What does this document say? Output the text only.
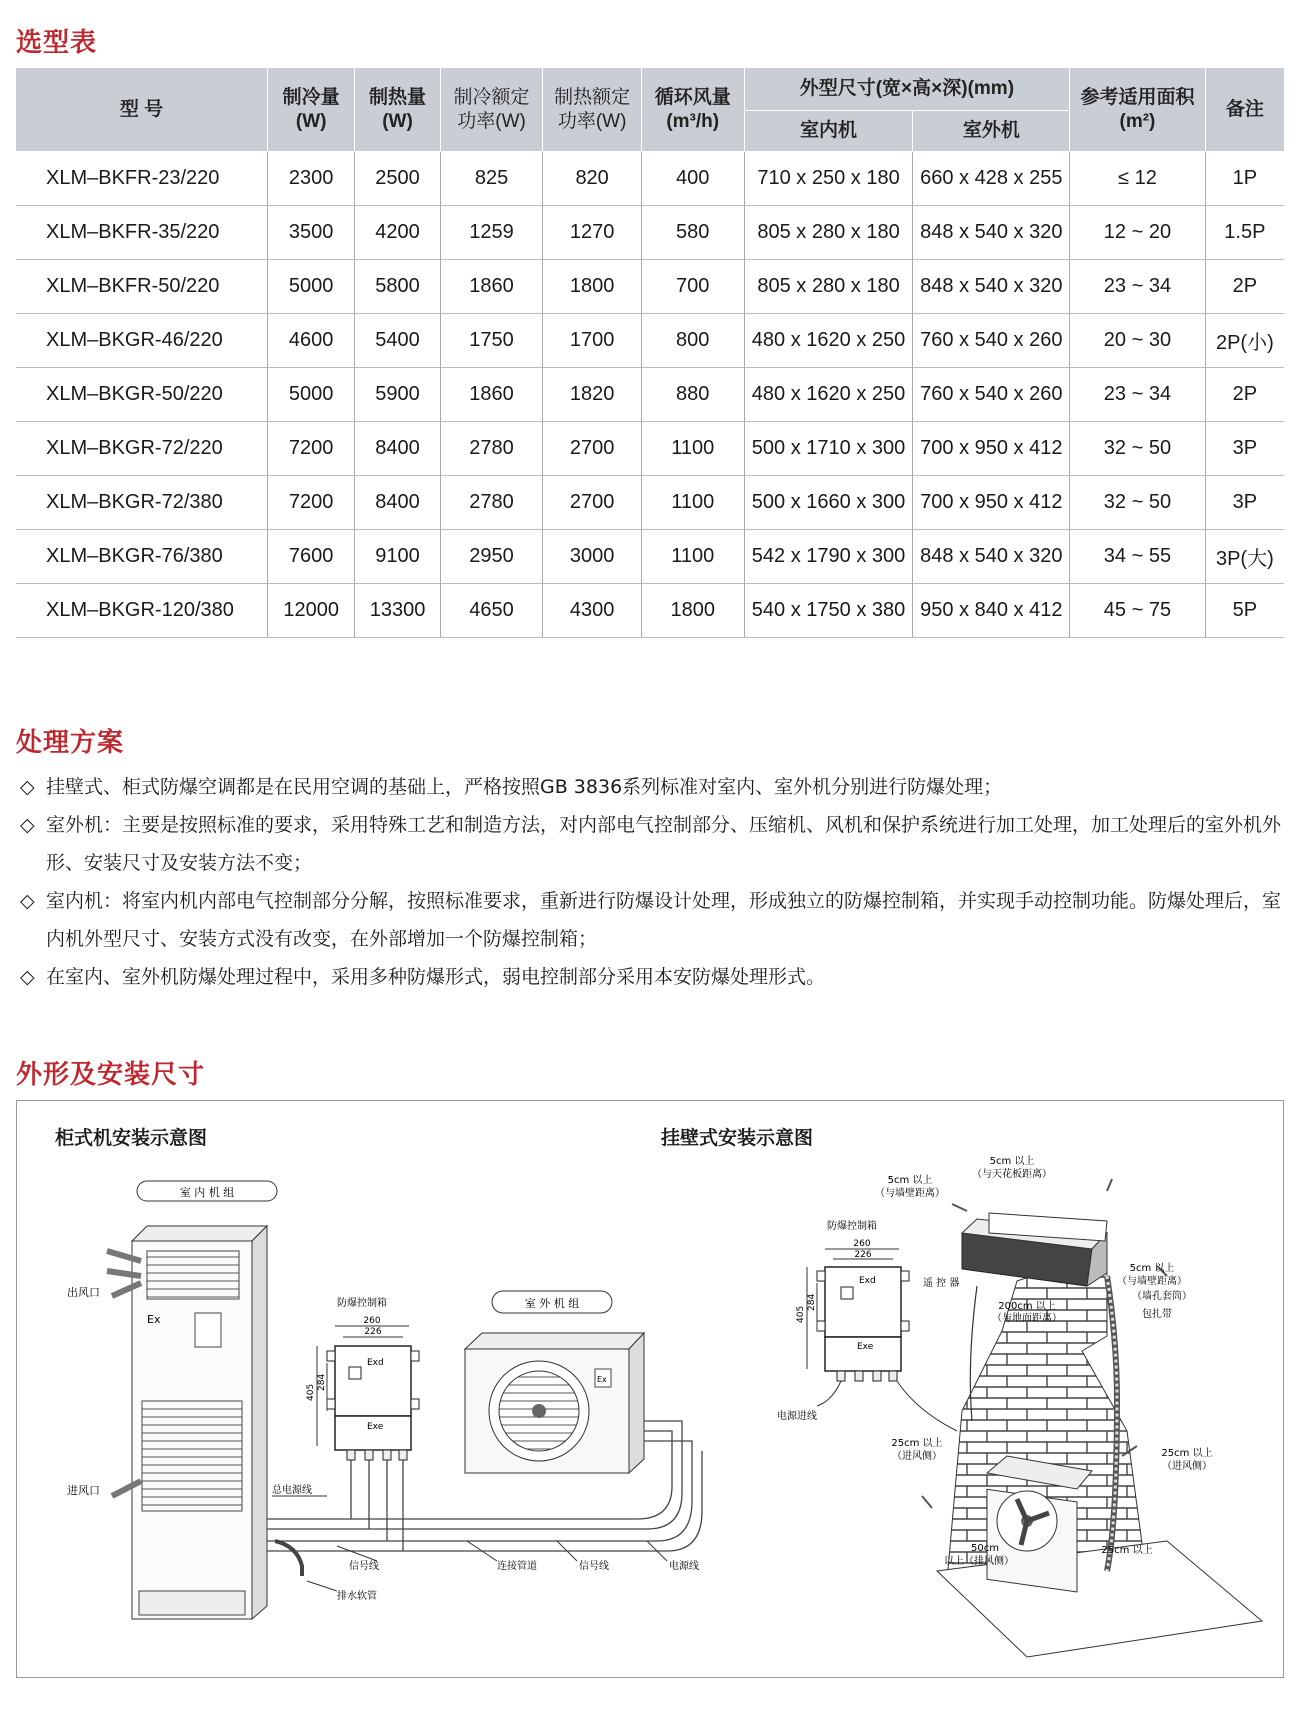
选型表
型 号	制冷量 (W)	制热量 (W)	制冷额定 功率(W)	制热额定 功率(W)	循环风量 (m³/h)	外型尺寸(宽×高×深)(mm)		参考适用面积 (m²)	备注
						室内机	室外机		
XLM–BKFR-23/220	2300	2500	825	820	400	710 x 250 x 180	660 x 428 x 255	≤ 12	1P
XLM–BKFR-35/220	3500	4200	1259	1270	580	805 x 280 x 180	848 x 540 x 320	12 ~ 20	1.5P
XLM–BKFR-50/220	5000	5800	1860	1800	700	805 x 280 x 180	848 x 540 x 320	23 ~ 34	2P
XLM–BKGR-46/220	4600	5400	1750	1700	800	480 x 1620 x 250	760 x 540 x 260	20 ~ 30	2P(小)
XLM–BKGR-50/220	5000	5900	1860	1820	880	480 x 1620 x 250	760 x 540 x 260	23 ~ 34	2P
XLM–BKGR-72/220	7200	8400	2780	2700	1100	500 x 1710 x 300	700 x 950 x 412	32 ~ 50	3P
XLM–BKGR-72/380	7200	8400	2780	2700	1100	500 x 1660 x 300	700 x 950 x 412	32 ~ 50	3P
XLM–BKGR-76/380	7600	9100	2950	3000	1100	542 x 1790 x 300	848 x 540 x 320	34 ~ 55	3P(大)
XLM–BKGR-120/380	12000	13300	4650	4300	1800	540 x 1750 x 380	950 x 840 x 412	45 ~ 75	5P
处理方案
◇ 挂壁式、柜式防爆空调都是在民用空调的基础上，严格按照GB 3836系列标准对室内、室外机分别进行防爆处理；
◇ 室外机：主要是按照标准的要求，采用特殊工艺和制造方法，对内部电气控制部分、压缩机、风机和保护系统进行加工处理，加工处理后的室外机外形、安装尺寸及安装方法不变；
◇ 室内机：将室内机内部电气控制部分分解，按照标准要求，重新进行防爆设计处理，形成独立的防爆控制箱，并实现手动控制功能。防爆处理后，室内机外型尺寸、安装方式没有改变，在外部增加一个防爆控制箱；
◇ 在室内、室外机防爆处理过程中，采用多种防爆形式，弱电控制部分采用本安防爆处理形式。
外形及安装尺寸
柜式机安装示意图	挂壁式安装示意图
室 内 机 组
Ex
出风口
进风口
防爆控制箱
260
226
Exd
Exe
405
284
室 外 机 组
Ex
总电源线
信号线
排水软管
连接管道	信号线	电源线
防爆控制箱
260
226
Exd
Exe
405
284
遥 控 器
电源进线
5cm 以上
（与墙壁距离）
5cm 以上
（与天花板距离）
5cm 以上
（与墙壁距离）
（墙孔套筒）
包扎带
200cm 以上
（与地面距离）
25cm 以上
（进风侧）	25cm 以上
（进风侧）
50cm
以上（排风侧）
25cm 以上
